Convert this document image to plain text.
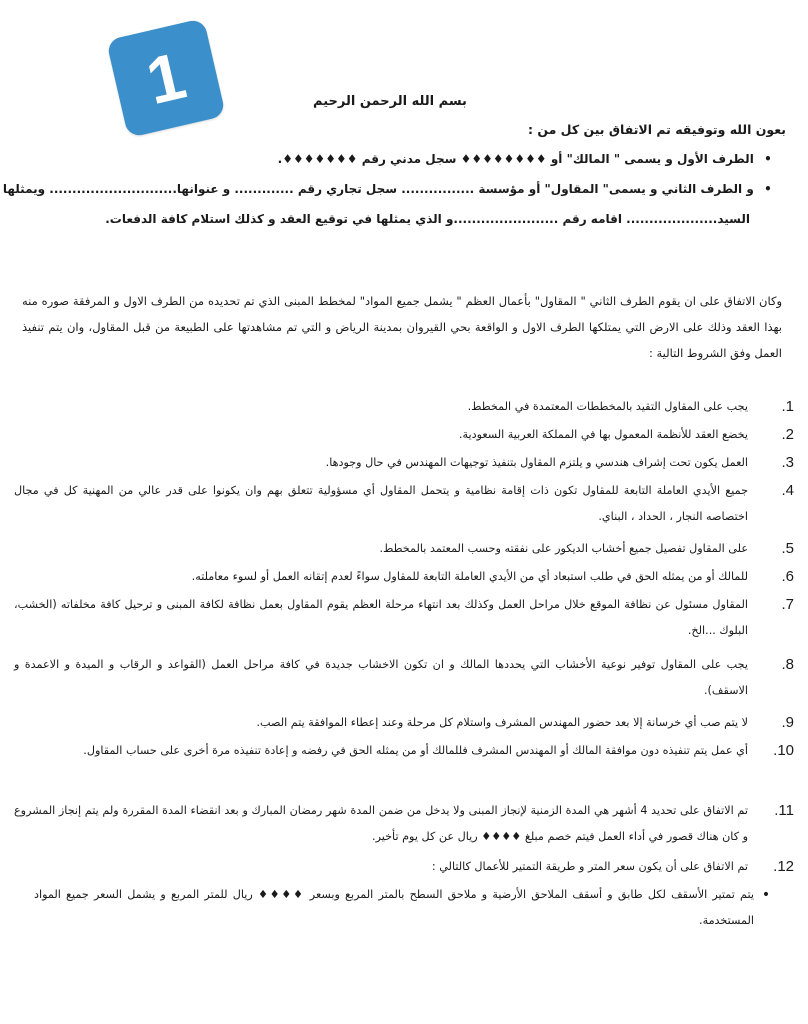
1	بسم الله الرحمن الرحيم
بعون الله وتوفيقه تم الاتفاق بين كل من :
• الطرف الأول و يسمى " المالك" أو ♦♦♦♦♦♦♦♦ سجل مدني رقم ♦♦♦♦♦♦♦.
• و الطرف الثاني و يسمى" المقاول" أو مؤسسة ................ سجل تجاري رقم ............. و عنوانها............................ ويمثلها
السيد.................... اقامه رقم .......................و الذي يمثلها في توقيع العقد و كذلك استلام كافة الدفعات.
وكان الاتفاق على ان يقوم الطرف الثاني " المقاول" بأعمال العظم " يشمل جميع المواد" لمخطط المبنى الذي تم تحديده من الطرف الاول و المرفقة صوره منه بهذا العقد وذلك على الارض التي يمتلكها الطرف الاول و الواقعة بحي القيروان بمدينة الرياض و التي تم مشاهدتها على الطبيعة من قبل المقاول، وان يتم تنفيذ العمل وفق الشروط التالية :
1.
يجب على المقاول التقيد بالمخططات المعتمدة في المخطط.
2.
يخضع العقد للأنظمة المعمول بها في المملكة العربية السعودية.
3.
العمل يكون تحت إشراف هندسي و يلتزم المقاول بتنفيذ توجيهات المهندس في حال وجودها.
4.
جميع الأيدي العاملة التابعة للمقاول تكون ذات إقامة نظامية و يتحمل المقاول أي مسؤولية تتعلق بهم وان يكونوا على قدر عالي من المهنية كل في مجال اختصاصه النجار ، الحداد ، البناي.
5.
على المقاول تفصيل جميع أخشاب الديكور على نفقته وحسب المعتمد بالمخطط.
6.
للمالك أو من يمثله الحق في طلب استبعاد أي من الأيدي العاملة التابعة للمقاول سواءً لعدم إتقانه العمل أو لسوء معاملته.
7.
المقاول مسئول عن نظافة الموقع خلال مراحل العمل وكذلك بعد انتهاء مرحلة العظم يقوم المقاول بعمل نظافة لكافة المبنى و ترحيل كافة مخلفاته (الخشب، البلوك ...الخ.
8.
يجب على المقاول توفير نوعية الأخشاب التي يحددها المالك و ان تكون الاخشاب جديدة في كافة مراحل العمل (القواعد و الرقاب و الميدة و الاعمدة و الاسقف).
9.
لا يتم صب أي خرسانة إلا بعد حضور المهندس المشرف واستلام كل مرحلة وعند إعطاء الموافقة يتم الصب.
10.
أي عمل يتم تنفيذه دون موافقة المالك أو المهندس المشرف فللمالك أو من يمثله الحق في رفضه و إعادة تنفيذه مرة أخرى على حساب المقاول.
11.
تم الاتفاق على تحديد 4 أشهر هي المدة الزمنية لإنجاز المبنى ولا يدخل من ضمن المدة شهر رمضان المبارك و بعد انقضاء المدة المقررة ولم يتم إنجاز المشروع و كان هناك قصور في أداء العمل فيتم خصم مبلغ ♦♦♦♦ ريال عن كل يوم تأخير.
12.
تم الاتفاق على أن يكون سعر المتر و طريقة التمتير للأعمال كالتالي :
•
يتم تمتير الأسقف لكل طابق و أسقف الملاحق الأرضية و ملاحق السطح بالمتر المربع وبسعر ♦♦♦♦ ريال للمتر المربع و يشمل السعر جميع المواد المستخدمة.
